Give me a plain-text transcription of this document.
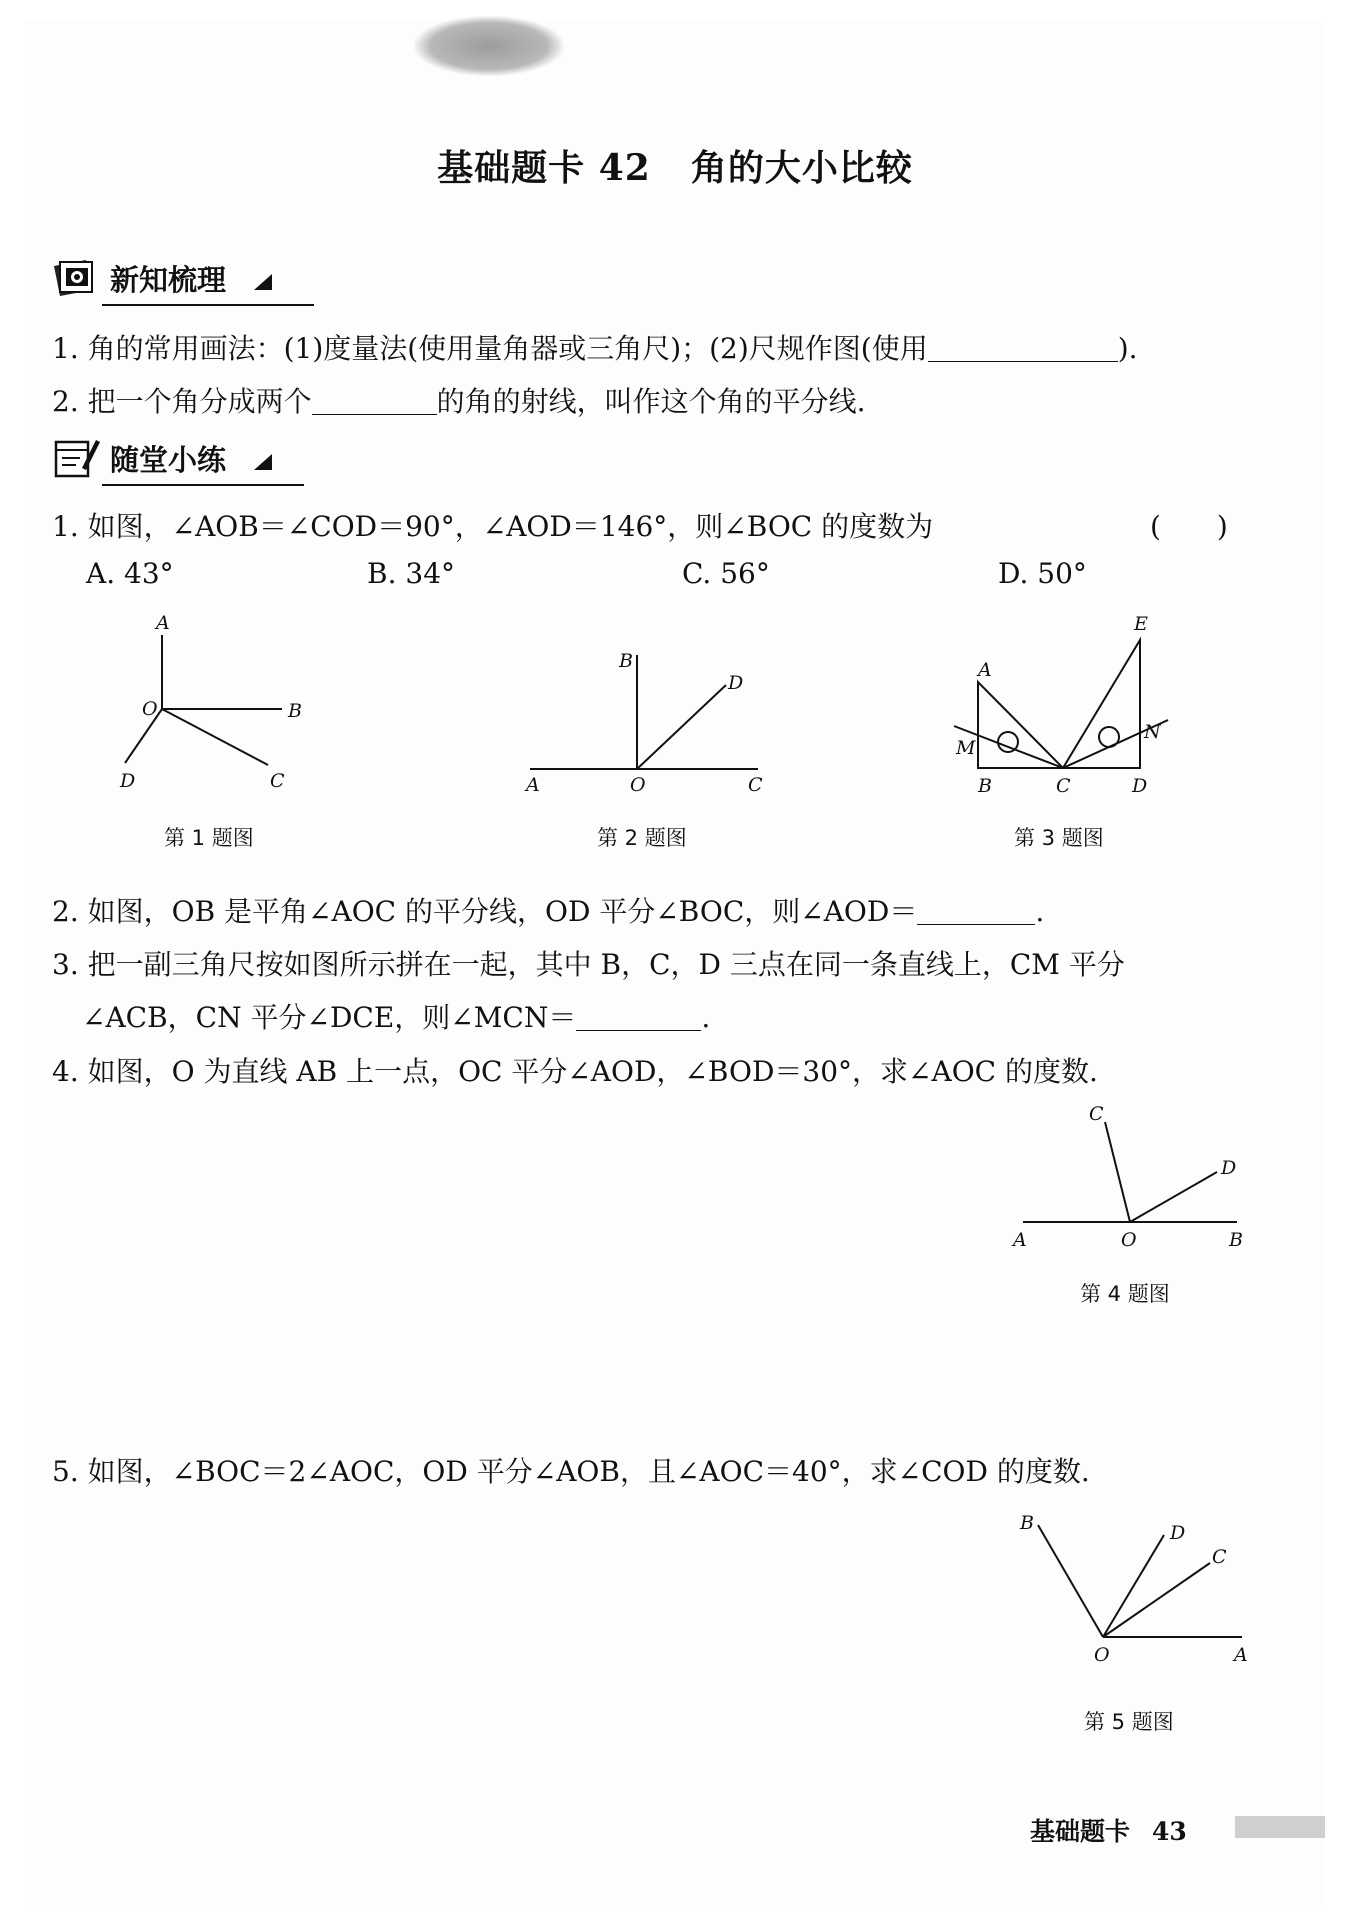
基础题卡 42 角的大小比较
新知梳理
1. 角的常用画法：(1)度量法(使用量角器或三角尺)；(2)尺规作图(使用	).
2. 把一个角分成两个	的角的射线，叫作这个角的平分线.
随堂小练
1. 如图，∠AOB＝∠COD＝90°，∠AOD＝146°，则∠BOC 的度数为	(　　)
A. 43°	B. 34°	C. 56°	D. 50°
A
O	B
D	C
第 1 题图
B
D
A	O	C
第 2 题图
E
A
M
N
B	C	D
第 3 题图
2. 如图，OB 是平角∠AOC 的平分线，OD 平分∠BOC，则∠AOD＝	.
3. 把一副三角尺按如图所示拼在一起，其中 B，C，D 三点在同一条直线上，CM 平分
∠ACB，CN 平分∠DCE，则∠MCN＝	.
4. 如图，O 为直线 AB 上一点，OC 平分∠AOD，∠BOD＝30°，求∠AOC 的度数.
C
D
A	O	B
第 4 题图
5. 如图，∠BOC＝2∠AOC，OD 平分∠AOB，且∠AOC＝40°，求∠COD 的度数.
B	D
C
O	A
第 5 题图
基础题卡 43
